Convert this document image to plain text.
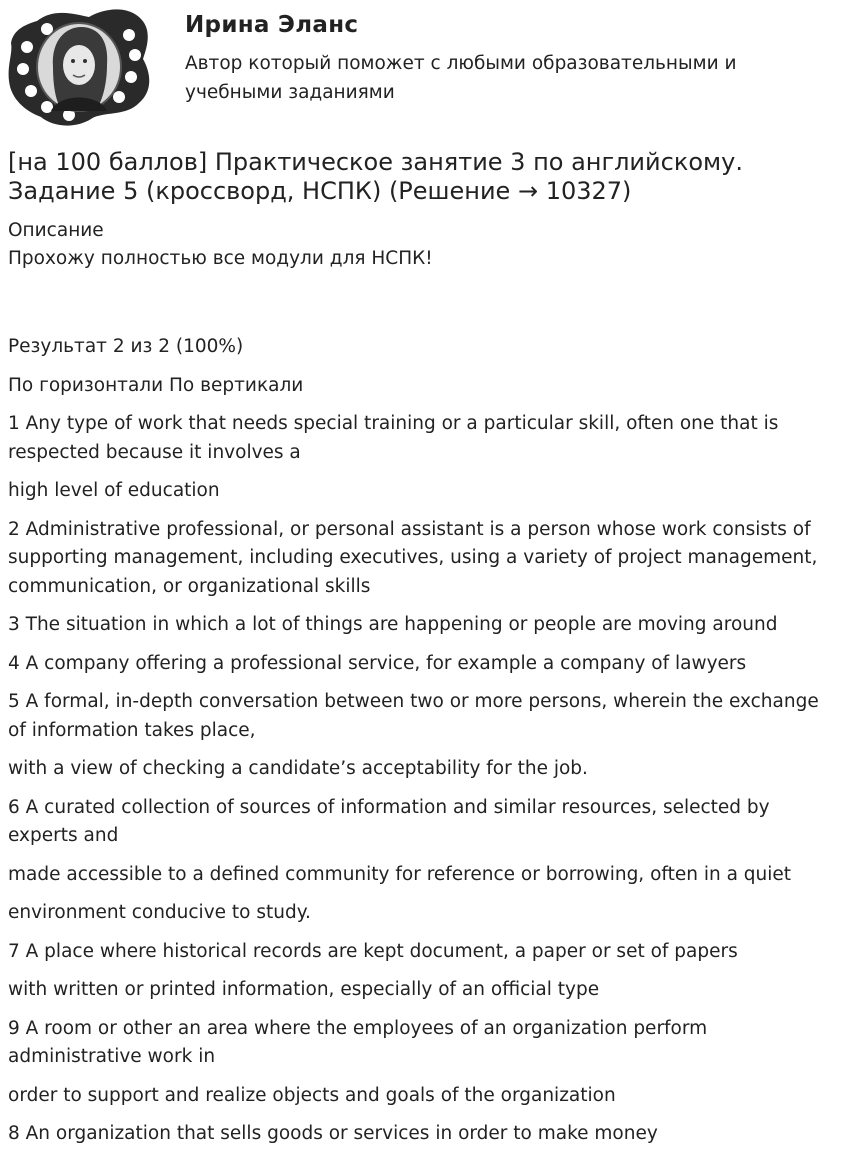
Ирина Эланс
Автор который поможет с любыми образовательными и учебными заданиями
[на 100 баллов] Практическое занятие 3 по английскому. Задание 5 (кроссворд, НСПК) (Решение → 10327)

Описание

Прохожу полностью все модули для НСПК!

Результат 2 из 2 (100%)

По горизонтали По вертикали

1 Any type of work that needs special training or a particular skill, often one that is respected because it involves a

high level of education

2 Administrative professional, or personal assistant is a person whose work consists of supporting management, including executives, using a variety of project management, communication, or organizational skills

3 The situation in which a lot of things are happening or people are moving around

4 A company offering a professional service, for example a company of lawyers

5 A formal, in-depth conversation between two or more persons, wherein the exchange of information takes place,

with a view of checking a candidate’s acceptability for the job.

6 A curated collection of sources of information and similar resources, selected by experts and

made accessible to a defined community for reference or borrowing, often in a quiet

environment conducive to study.

7 A place where historical records are kept document, a paper or set of papers

with written or printed information, especially of an official type

9 A room or other an area where the employees of an organization perform administrative work in

order to support and realize objects and goals of the organization

8 An organization that sells goods or services in order to make money
